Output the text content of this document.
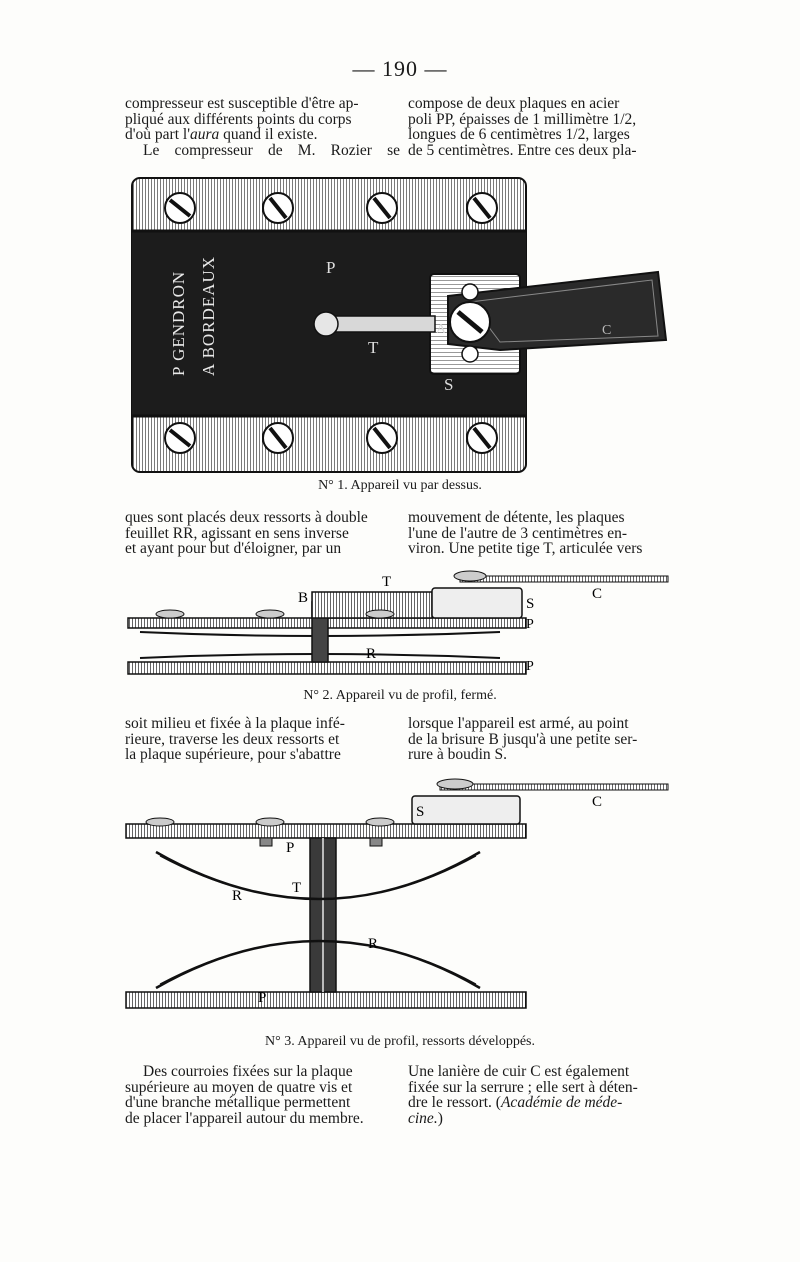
— 190 —

compresseur est susceptible d'être ap-

pliqué aux différents points du corps

d'où part l'aura quand il existe.

Le compresseur de M. Rozier se

compose de deux plaques en acier

poli PP, épaisses de 1 millimètre 1/2,

longues de 6 centimètres 1/2, larges

de 5 centimètres. Entre ces deux pla-

P GENDRON A BORDEAUX	P
T
A
S
C
N° 1. Appareil vu par dessus.

ques sont placés deux ressorts à double

feuillet RR, agissant en sens inverse

et ayant pour but d'éloigner, par un

mouvement de détente, les plaques

l'une de l'autre de 3 centimètres en-

viron. Une petite tige T, articulée vers

T
B	S
C
P
R
P
N° 2. Appareil vu de profil, fermé.

soit milieu et fixée à la plaque infé-

rieure, traverse les deux ressorts et

la plaque supérieure, pour s'abattre

lorsque l'appareil est armé, au point

de la brisure B jusqu'à une petite ser-

rure à boudin S.

S
C
P
T
R
R
P
N° 3. Appareil vu de profil, ressorts développés.

Des courroies fixées sur la plaque

supérieure au moyen de quatre vis et

d'une branche métallique permettent

de placer l'appareil autour du membre.

Une lanière de cuir C est également

fixée sur la serrure ; elle sert à déten-

dre le ressort. (Académie de méde-

cine.)
